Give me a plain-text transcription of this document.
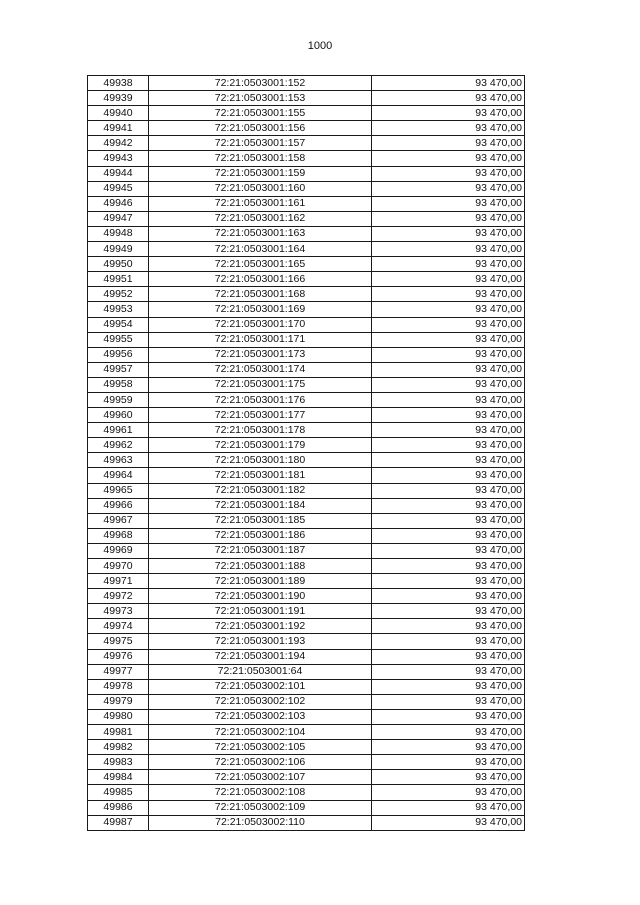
1000
49938	72:21:0503001:152	93 470,00
49939	72:21:0503001:153	93 470,00
49940	72:21:0503001:155	93 470,00
49941	72:21:0503001:156	93 470,00
49942	72:21:0503001:157	93 470,00
49943	72:21:0503001:158	93 470,00
49944	72:21:0503001:159	93 470,00
49945	72:21:0503001:160	93 470,00
49946	72:21:0503001:161	93 470,00
49947	72:21:0503001:162	93 470,00
49948	72:21:0503001:163	93 470,00
49949	72:21:0503001:164	93 470,00
49950	72:21:0503001:165	93 470,00
49951	72:21:0503001:166	93 470,00
49952	72:21:0503001:168	93 470,00
49953	72:21:0503001:169	93 470,00
49954	72:21:0503001:170	93 470,00
49955	72:21:0503001:171	93 470,00
49956	72:21:0503001:173	93 470,00
49957	72:21:0503001:174	93 470,00
49958	72:21:0503001:175	93 470,00
49959	72:21:0503001:176	93 470,00
49960	72:21:0503001:177	93 470,00
49961	72:21:0503001:178	93 470,00
49962	72:21:0503001:179	93 470,00
49963	72:21:0503001:180	93 470,00
49964	72:21:0503001:181	93 470,00
49965	72:21:0503001:182	93 470,00
49966	72:21:0503001:184	93 470,00
49967	72:21:0503001:185	93 470,00
49968	72:21:0503001:186	93 470,00
49969	72:21:0503001:187	93 470,00
49970	72:21:0503001:188	93 470,00
49971	72:21:0503001:189	93 470,00
49972	72:21:0503001:190	93 470,00
49973	72:21:0503001:191	93 470,00
49974	72:21:0503001:192	93 470,00
49975	72:21:0503001:193	93 470,00
49976	72:21:0503001:194	93 470,00
49977	72:21:0503001:64	93 470,00
49978	72:21:0503002:101	93 470,00
49979	72:21:0503002:102	93 470,00
49980	72:21:0503002:103	93 470,00
49981	72:21:0503002:104	93 470,00
49982	72:21:0503002:105	93 470,00
49983	72:21:0503002:106	93 470,00
49984	72:21:0503002:107	93 470,00
49985	72:21:0503002:108	93 470,00
49986	72:21:0503002:109	93 470,00
49987	72:21:0503002:110	93 470,00
